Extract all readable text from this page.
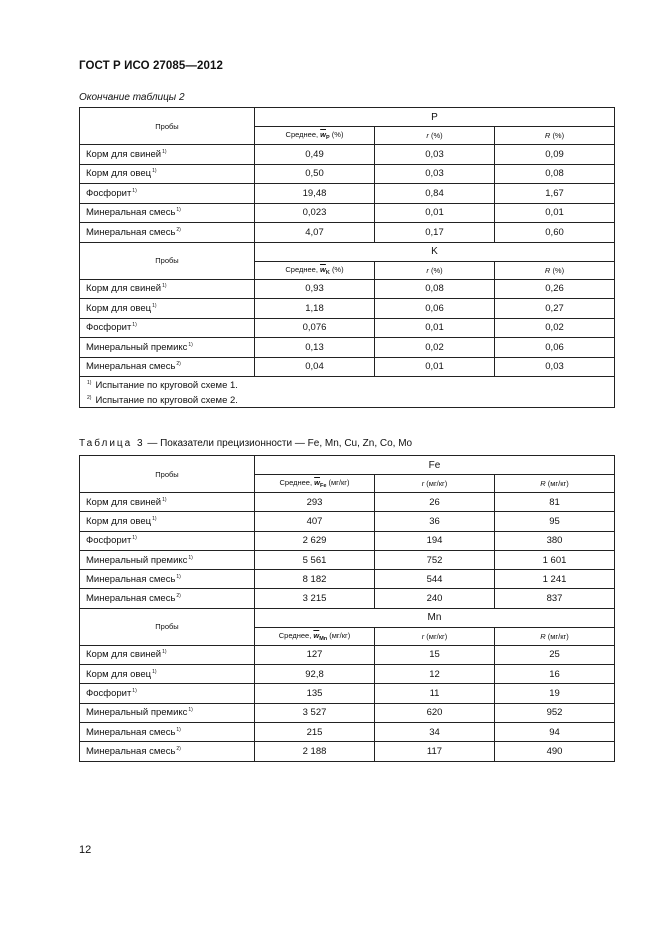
ГОСТ Р ИСО 27085—2012
Окончание таблицы 2
Пробы	P		
	Среднее, $\overline{w}_P$ (%)	r (%)	R (%)
Корм для свиней$^{1)}$	0,49	0,03	0,09
Корм для овец$^{1)}$	0,50	0,03	0,08
Фосфорит$^{1)}$	19,48	0,84	1,67
Минеральная смесь$^{1)}$	0,023	0,01	0,01
Минеральная смесь$^{2)}$	4,07	0,17	0,60
Пробы	K		
	Среднее, $\overline{w}_K$ (%)	r (%)	R (%)
Корм для свиней$^{1)}$	0,93	0,08	0,26
Корм для овец$^{1)}$	1,18	0,06	0,27
Фосфорит$^{1)}$	0,076	0,01	0,02
Минеральный премикс$^{1)}$	0,13	0,02	0,06
Минеральная смесь$^{2)}$	0,04	0,01	0,03

$^{1)}$ Испытание по круговой схеме 1.
$^{2)}$ Испытание по круговой схеме 2.			
Таблица 3 — Показатели прецизионности — Fe, Mn, Cu, Zn, Co, Mo
Пробы	Fe		
	Среднее, $\overline{w}_{Fe}$ (мг/кг)	r (мг/кг)	R (мг/кг)
Корм для свиней$^{1)}$	293	26	81
Корм для овец$^{1)}$	407	36	95
Фосфорит$^{1)}$	2 629	194	380
Минеральный премикс$^{1)}$	5 561	752	1 601
Минеральная смесь$^{1)}$	8 182	544	1 241
Минеральная смесь$^{2)}$	3 215	240	837
Пробы	Mn		
	Среднее, $\overline{w}_{Mn}$ (мг/кг)	r (мг/кг)	R (мг/кг)
Корм для свиней$^{1)}$	127	15	25
Корм для овец$^{1)}$	92,8	12	16
Фосфорит$^{1)}$	135	11	19
Минеральный премикс$^{1)}$	3 527	620	952
Минеральная смесь$^{1)}$	215	34	94
Минеральная смесь$^{2)}$	2 188	117	490
12
